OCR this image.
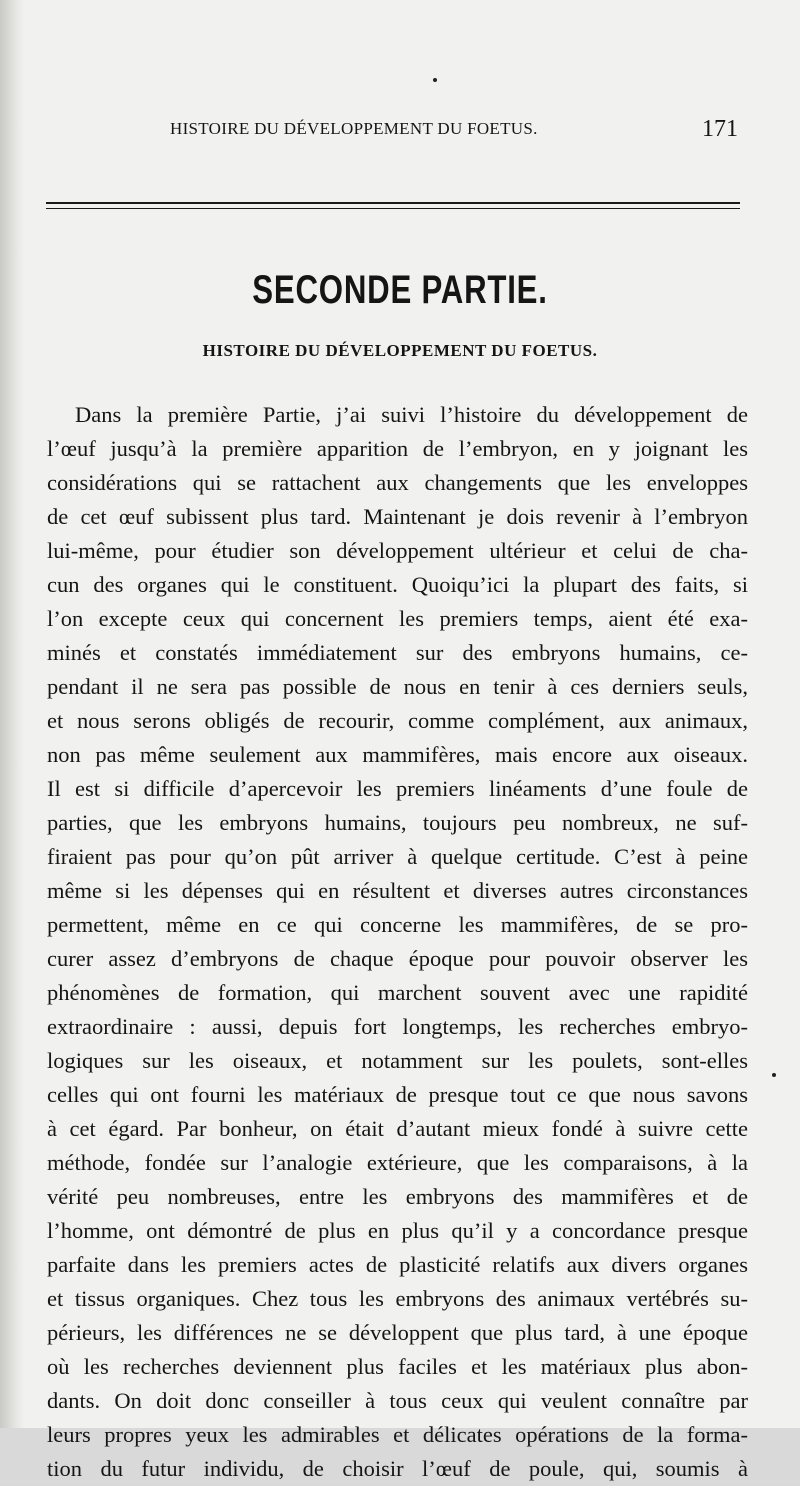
HISTOIRE DU DÉVELOPPEMENT DU FOETUS.	171
SECONDE PARTIE.
HISTOIRE DU DÉVELOPPEMENT DU FOETUS.
Dans la première Partie, j’ai suivi l’histoire du développement de
l’œuf jusqu’à la première apparition de l’embryon, en y joignant les
considérations qui se rattachent aux changements que les enveloppes
de cet œuf subissent plus tard. Maintenant je dois revenir à l’embryon
lui-même, pour étudier son développement ultérieur et celui de cha-
cun des organes qui le constituent. Quoiqu’ici la plupart des faits, si
l’on excepte ceux qui concernent les premiers temps, aient été exa-
minés et constatés immédiatement sur des embryons humains, ce-
pendant il ne sera pas possible de nous en tenir à ces derniers seuls,
et nous serons obligés de recourir, comme complément, aux animaux,
non pas même seulement aux mammifères, mais encore aux oiseaux.
Il est si difficile d’apercevoir les premiers linéaments d’une foule de
parties, que les embryons humains, toujours peu nombreux, ne suf-
firaient pas pour qu’on pût arriver à quelque certitude. C’est à peine
même si les dépenses qui en résultent et diverses autres circonstances
permettent, même en ce qui concerne les mammifères, de se pro-
curer assez d’embryons de chaque époque pour pouvoir observer les
phénomènes de formation, qui marchent souvent avec une rapidité
extraordinaire : aussi, depuis fort longtemps, les recherches embryo-
logiques sur les oiseaux, et notamment sur les poulets, sont-elles
celles qui ont fourni les matériaux de presque tout ce que nous savons
à cet égard. Par bonheur, on était d’autant mieux fondé à suivre cette
méthode, fondée sur l’analogie extérieure, que les comparaisons, à la
vérité peu nombreuses, entre les embryons des mammifères et de
l’homme, ont démontré de plus en plus qu’il y a concordance presque
parfaite dans les premiers actes de plasticité relatifs aux divers organes
et tissus organiques. Chez tous les embryons des animaux vertébrés su-
périeurs, les différences ne se développent que plus tard, à une époque
où les recherches deviennent plus faciles et les matériaux plus abon-
dants. On doit donc conseiller à tous ceux qui veulent connaître par
leurs propres yeux les admirables et délicates opérations de la forma-
tion du futur individu, de choisir l’œuf de poule, qui, soumis à
